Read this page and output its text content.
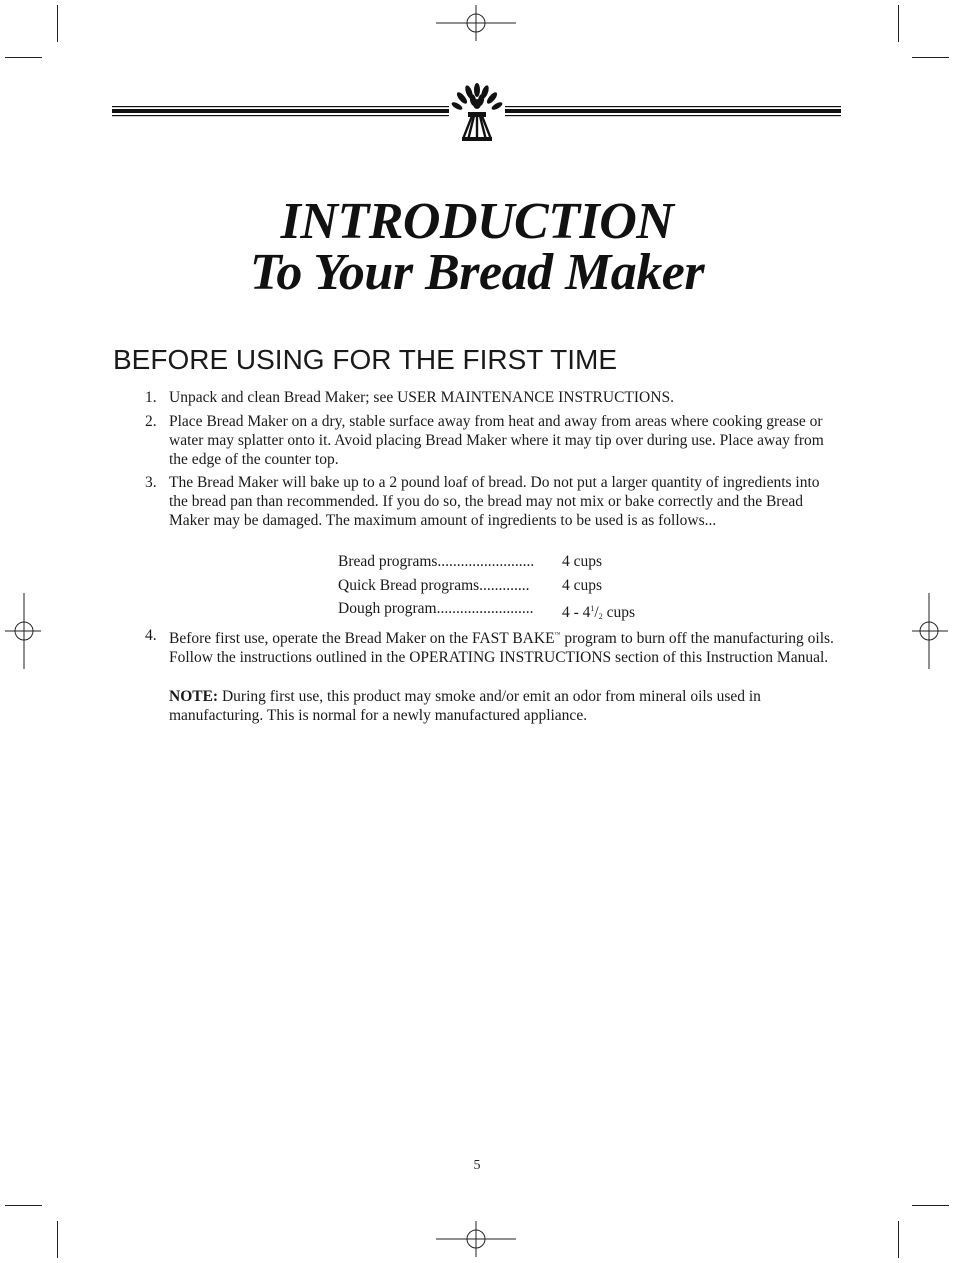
INTRODUCTION
To Your Bread Maker
BEFORE USING FOR THE FIRST TIME
1. Unpack and clean Bread Maker; see USER MAINTENANCE INSTRUCTIONS.
2. Place Bread Maker on a dry, stable surface away from heat and away from areas where cooking grease or water may splatter onto it. Avoid placing Bread Maker where it may tip over during use. Place away from the edge of the counter top.
3. The Bread Maker will bake up to a 2 pound loaf of bread. Do not put a larger quantity of ingredients into the bread pan than recommended. If you do so, the bread may not mix or bake correctly and the Bread Maker may be damaged. The maximum amount of ingredients to be used is as follows...
Bread programs......................... 4 cups
Quick Bread programs............. 4 cups
Dough program......................... $4 - 4^1/2$ cups
4. Before first use, operate the Bread Maker on the FAST BAKE™ program to burn off the manufacturing oils. Follow the instructions outlined in the OPERATING INSTRUCTIONS section of this Instruction Manual.
NOTE: During first use, this product may smoke and/or emit an odor from mineral oils used in manufacturing. This is normal for a newly manufactured appliance.
5
